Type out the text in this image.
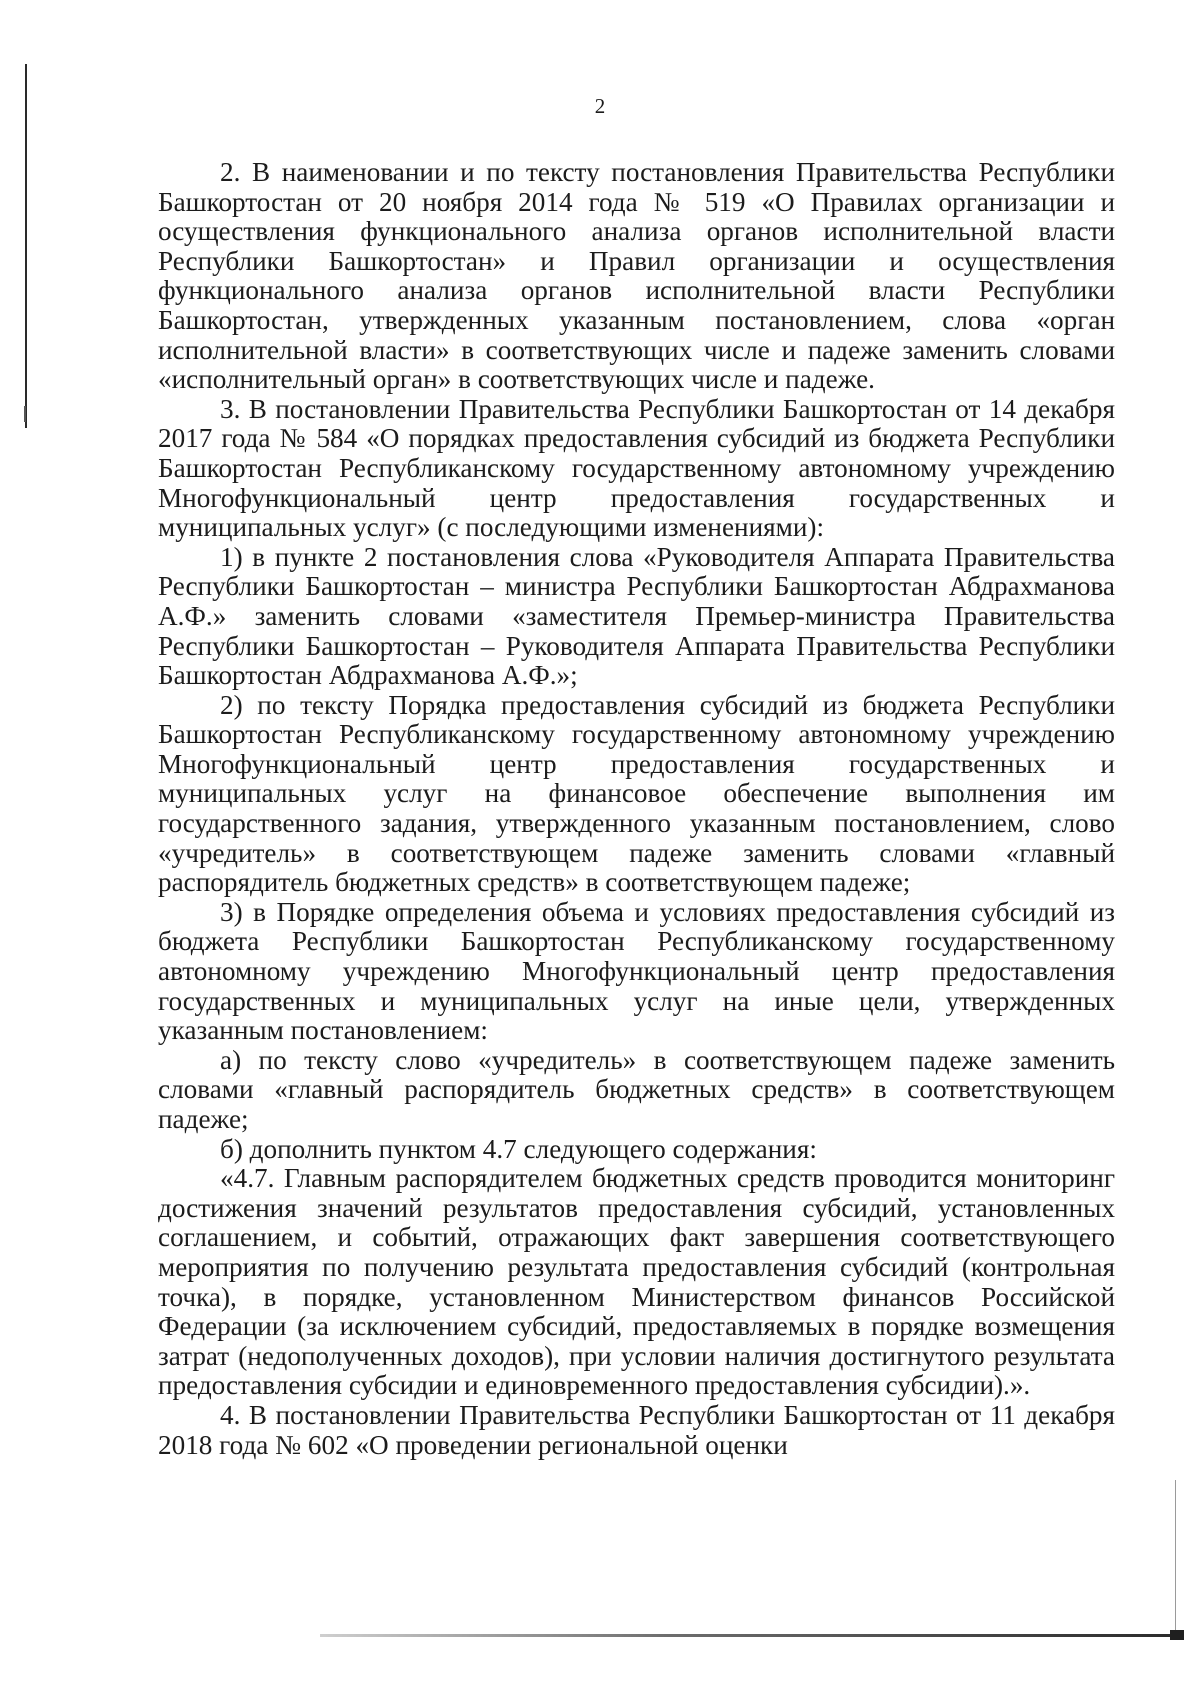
2

2. В наименовании и по тексту постановления Правительства Республики Башкортостан от 20 ноября 2014 года № 519 «О Правилах организации и осуществления функционального анализа органов исполнительной власти Республики Башкортостан» и Правил организации и осуществления функционального анализа органов исполнительной власти Республики Башкортостан, утвержденных указанным постановлением, слова «орган исполнительной власти» в соответствующих числе и падеже заменить словами «исполнительный орган» в соответствующих числе и падеже.

3. В постановлении Правительства Республики Башкортостан от 14 декабря 2017 года № 584 «О порядках предоставления субсидий из бюджета Республики Башкортостан Республиканскому государственному автономному учреждению Многофункциональный центр предоставления государственных и муниципальных услуг» (с последующими изменениями):

1) в пункте 2 постановления слова «Руководителя Аппарата Правительства Республики Башкортостан – министра Республики Башкортостан Абдрахманова А.Ф.» заменить словами «заместителя Премьер-министра Правительства Республики Башкортостан – Руководителя Аппарата Правительства Республики Башкортостан Абдрахманова А.Ф.»;

2) по тексту Порядка предоставления субсидий из бюджета Республики Башкортостан Республиканскому государственному автономному учреждению Многофункциональный центр предоставления государственных и муниципальных услуг на финансовое обеспечение выполнения им государственного задания, утвержденного указанным постановлением, слово «учредитель» в соответствующем падеже заменить словами «главный распорядитель бюджетных средств» в соответствующем падеже;

3) в Порядке определения объема и условиях предоставления субсидий из бюджета Республики Башкортостан Республиканскому государственному автономному учреждению Многофункциональный центр предоставления государственных и муниципальных услуг на иные цели, утвержденных указанным постановлением:

а) по тексту слово «учредитель» в соответствующем падеже заменить словами «главный распорядитель бюджетных средств» в соответствующем падеже;

б) дополнить пунктом 4.7 следующего содержания:

«4.7. Главным распорядителем бюджетных средств проводится мониторинг достижения значений результатов предоставления субсидий, установленных соглашением, и событий, отражающих факт завершения соответствующего мероприятия по получению результата предоставления субсидий (контрольная точка), в порядке, установленном Министерством финансов Российской Федерации (за исключением субсидий, предоставляемых в порядке возмещения затрат (недополученных доходов), при условии наличия достигнутого результата предоставления субсидии и единовременного предоставления субсидии).».

4. В постановлении Правительства Республики Башкортостан от 11 декабря 2018 года № 602 «О проведении региональной оценки
